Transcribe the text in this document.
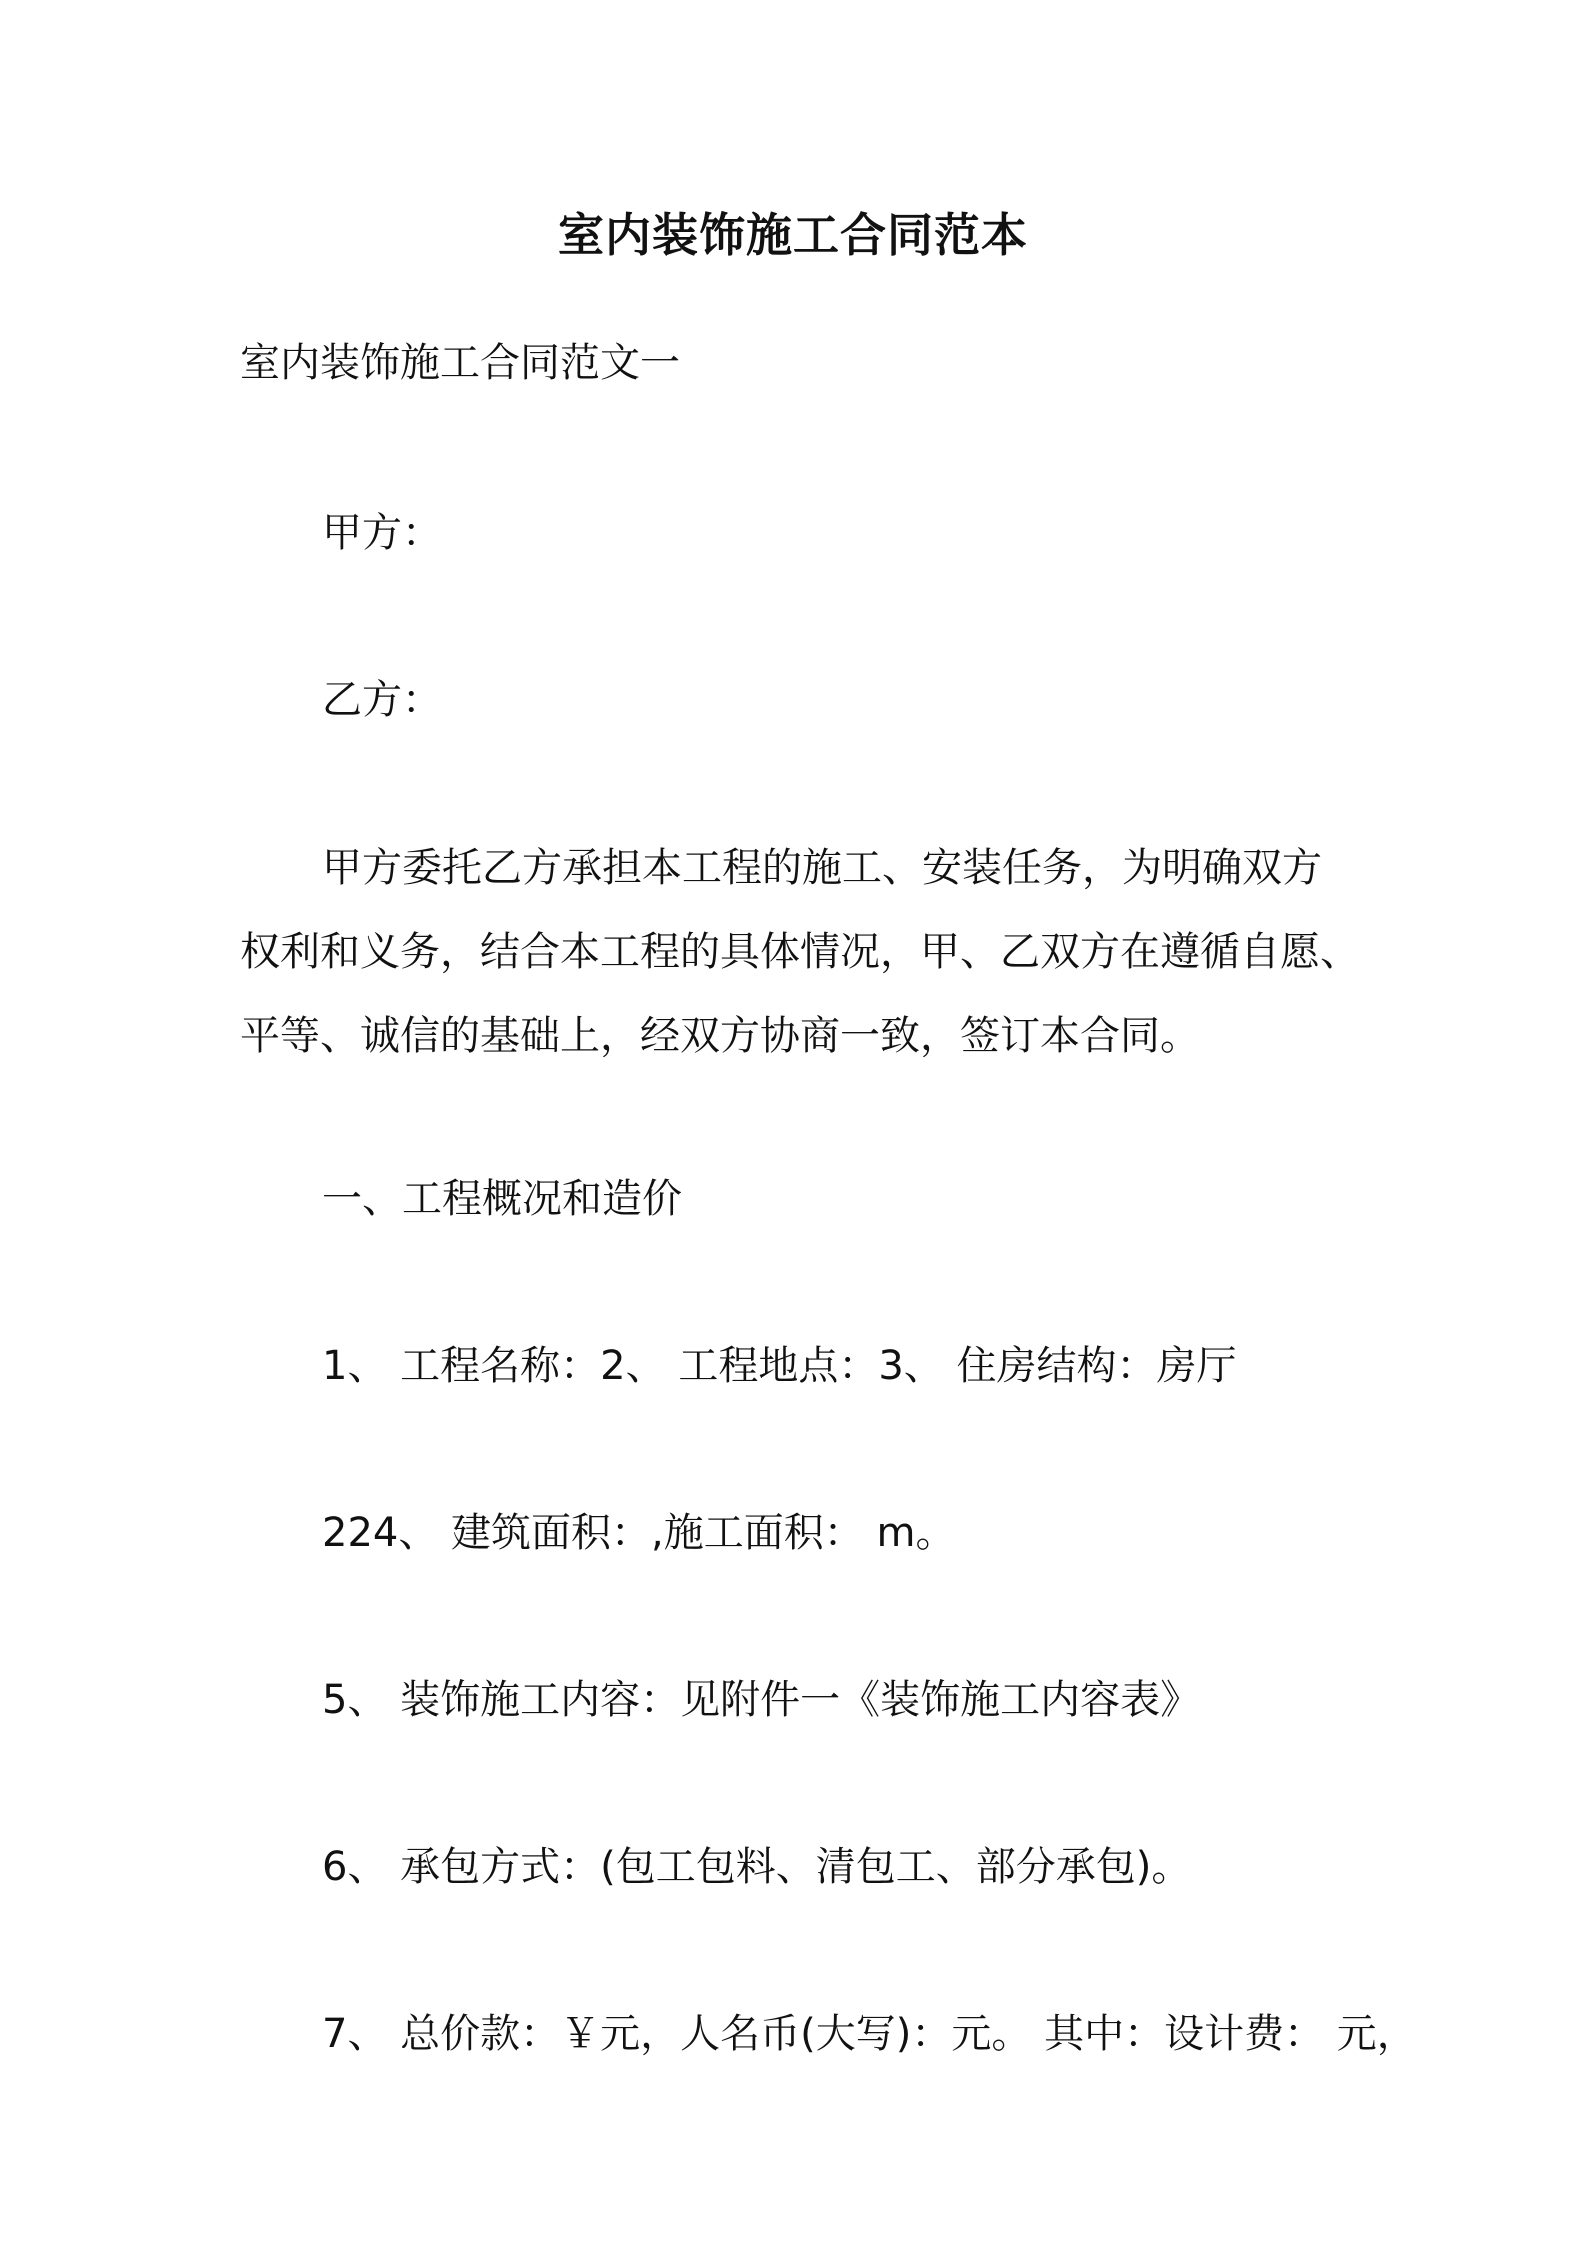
室内装饰施工合同范本
室内装饰施工合同范文一
甲方：
乙方：
甲方委托乙方承担本工程的施工、安装任务，为明确双方权利和义务，结合本工程的具体情况，甲、乙双方在遵循自愿、平等、诚信的基础上，经双方协商一致，签订本合同。
一、工程概况和造价
1、 工程名称：2、 工程地点：3、 住房结构：房厅
224、 建筑面积：,施工面积： m。
5、 装饰施工内容：见附件一《装饰施工内容表》
6、 承包方式：(包工包料、清包工、部分承包)。
7、 总价款：￥元，人名币(大写)：元。 其中：设计费： 元，
